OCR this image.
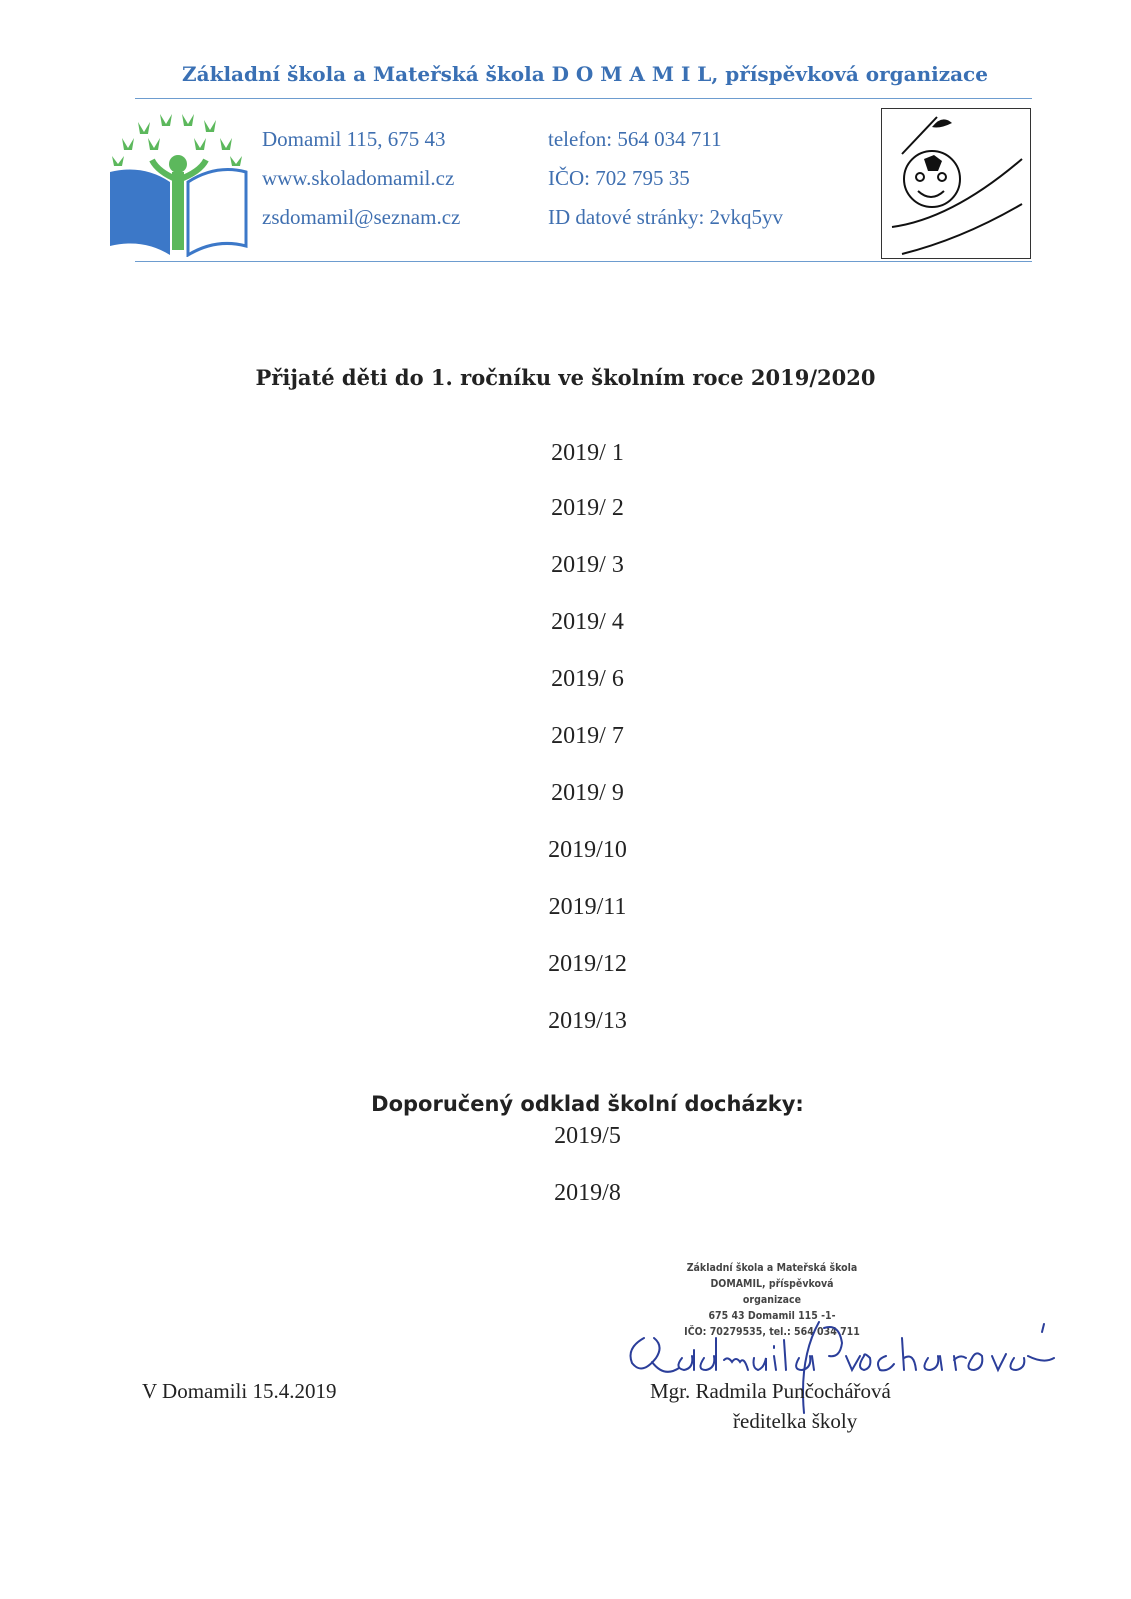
Základní škola a Mateřská škola D O M A M I L, příspěvková organizace
Domamil 115, 675 43
www.skoladomamil.cz
zsdomamil@seznam.cz
telefon: 564 034 711
IČO: 702 795 35
ID datové stránky: 2vkq5yv
Přijaté děti do 1. ročníku ve školním roce 2019/2020
2019/ 1
2019/ 2
2019/ 3
2019/ 4
2019/ 6
2019/ 7
2019/ 9
2019/10
2019/11
2019/12
2019/13
Doporučený odklad školní docházky:
2019/5
2019/8
Základní škola a Mateřská škola
DOMAMIL, příspěvková organizace
675 43 Domamil 115 -1-
IČO: 70279535, tel.: 564 034 711
V Domamili 15.4.2019	Mgr. Radmila Punčochářová
ředitelka školy
